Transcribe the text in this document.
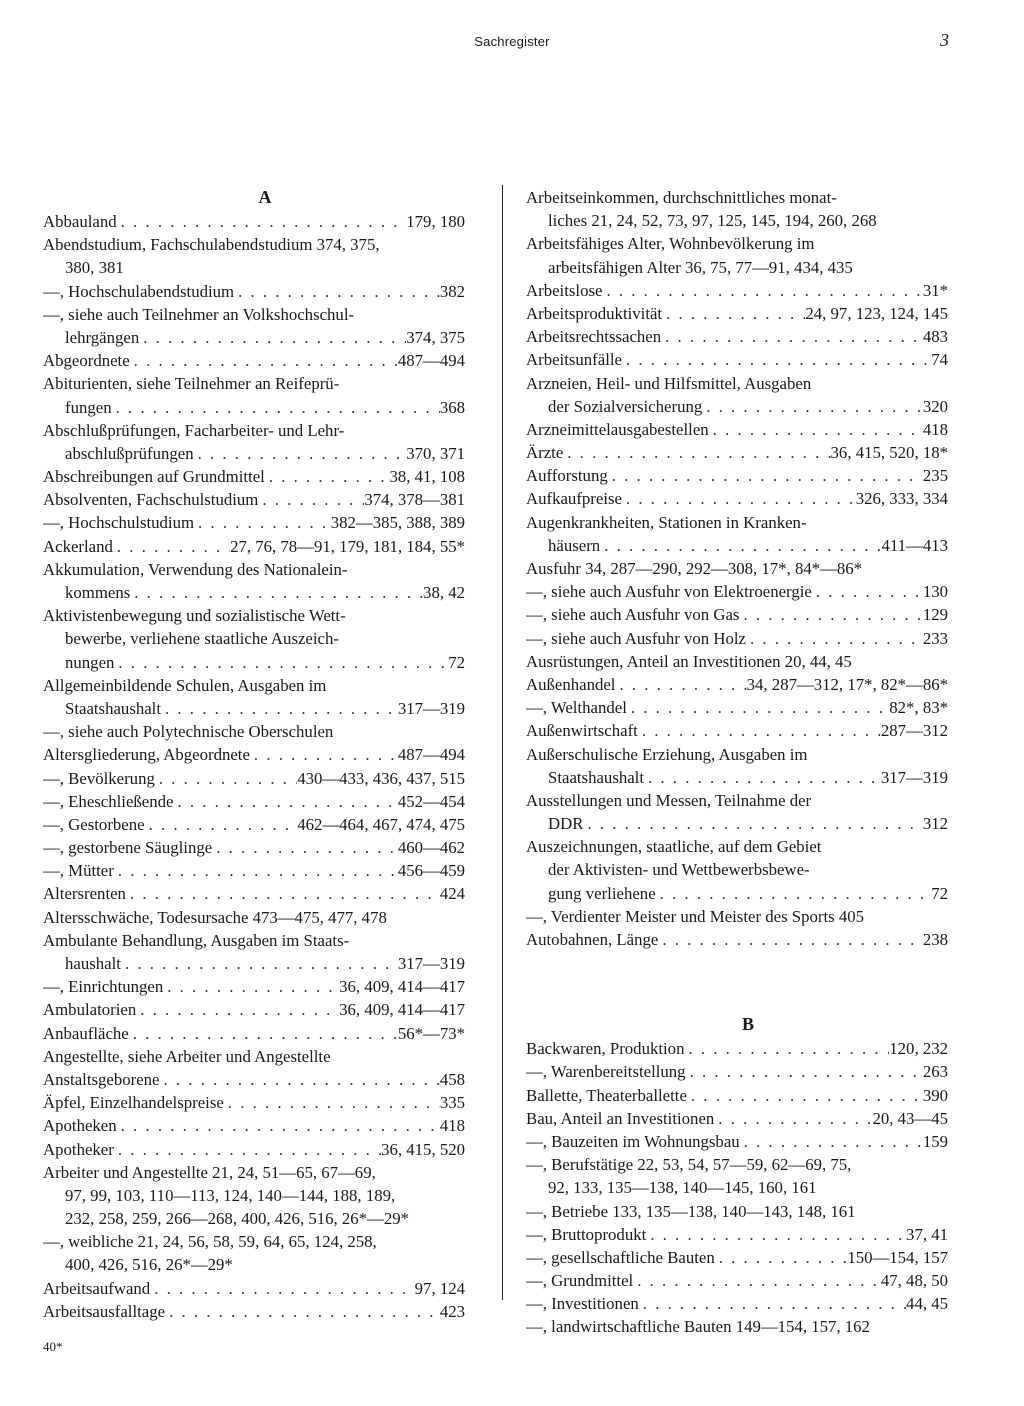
Sachregister	3
A
Abbauland . . .	179, 180
Abendstudium, Fachschulabendstudium 374, 375,
380, 381
—, Hochschulabendstudium . . .	382
—, siehe auch Teilnehmer an Volkshochschul-
lehrgängen . . .	374, 375
Abgeordnete . . .	487—494
Abiturienten, siehe Teilnehmer an Reifeprü-
fungen . . .	368
Abschlußprüfungen, Facharbeiter- und Lehr-
abschlußprüfungen . . .	370, 371
Abschreibungen auf Grundmittel . . .	38, 41, 108
Absolventen, Fachschulstudium . . .	374, 378—381
—, Hochschulstudium . . .	382—385, 388, 389
Ackerland . . .	27, 76, 78—91, 179, 181, 184, 55*
Akkumulation, Verwendung des Nationalein-
kommens . . .	38, 42
Aktivistenbewegung und sozialistische Wett-
bewerbe, verliehene staatliche Auszeich-
nungen . . .	72
Allgemeinbildende Schulen, Ausgaben im
Staatshaushalt . . .	317—319
—, siehe auch Polytechnische Oberschulen
Altersgliederung, Abgeordnete . . .	487—494
—, Bevölkerung . . .	430—433, 436, 437, 515
—, Eheschließende . . .	452—454
—, Gestorbene . . .	462—464, 467, 474, 475
—, gestorbene Säuglinge . . .	460—462
—, Mütter . . .	456—459
Altersrenten . . .	424
Altersschwäche, Todesursache 473—475, 477, 478
Ambulante Behandlung, Ausgaben im Staats-
haushalt . . .	317—319
—, Einrichtungen . . .	36, 409, 414—417
Ambulatorien . . .	36, 409, 414—417
Anbaufläche . . .	56*—73*
Angestellte, siehe Arbeiter und Angestellte
Anstaltsgeborene . . .	458
Äpfel, Einzelhandelspreise . . .	335
Apotheken . . .	418
Apotheker . . .	36, 415, 520
Arbeiter und Angestellte 21, 24, 51—65, 67—69,
97, 99, 103, 110—113, 124, 140—144, 188, 189,
232, 258, 259, 266—268, 400, 426, 516, 26*—29*
—, weibliche 21, 24, 56, 58, 59, 64, 65, 124, 258,
400, 426, 516, 26*—29*
Arbeitsaufwand . . .	97, 124
Arbeitsausfalltage . . .	423
Arbeitseinkommen, durchschnittliches monat-
liches 21, 24, 52, 73, 97, 125, 145, 194, 260, 268
Arbeitsfähiges Alter, Wohnbevölkerung im
arbeitsfähigen Alter 36, 75, 77—91, 434, 435
Arbeitslose . . .	31*
Arbeitsproduktivität . . .	24, 97, 123, 124, 145
Arbeitsrechtssachen . . .	483
Arbeitsunfälle . . .	74
Arzneien, Heil- und Hilfsmittel, Ausgaben
der Sozialversicherung . . .	320
Arzneimittelausgabestellen . . .	418
Ärzte . . .	36, 415, 520, 18*
Aufforstung . . .	235
Aufkaufpreise . . .	326, 333, 334
Augenkrankheiten, Stationen in Kranken-
häusern . . .	411—413
Ausfuhr 34, 287—290, 292—308, 17*, 84*—86*
—, siehe auch Ausfuhr von Elektroenergie . . .	130
—, siehe auch Ausfuhr von Gas . . .	129
—, siehe auch Ausfuhr von Holz . . .	233
Ausrüstungen, Anteil an Investitionen 20, 44, 45
Außenhandel . . .	34, 287—312, 17*, 82*—86*
—, Welthandel . . .	82*, 83*
Außenwirtschaft . . .	287—312
Außerschulische Erziehung, Ausgaben im
Staatshaushalt . . .	317—319
Ausstellungen und Messen, Teilnahme der
DDR . . .	312
Auszeichnungen, staatliche, auf dem Gebiet
der Aktivisten- und Wettbewerbsbewe-
gung verliehene . . .	72
—, Verdienter Meister und Meister des Sports 405
Autobahnen, Länge . . .	238
B
Backwaren, Produktion . . .	120, 232
—, Warenbereitstellung . . .	263
Ballette, Theaterballette . . .	390
Bau, Anteil an Investitionen . . .	20, 43—45
—, Bauzeiten im Wohnungsbau . . .	159
—, Berufstätige 22, 53, 54, 57—59, 62—69, 75,
92, 133, 135—138, 140—145, 160, 161
—, Betriebe 133, 135—138, 140—143, 148, 161
—, Bruttoprodukt . . .	37, 41
—, gesellschaftliche Bauten . . .	150—154, 157
—, Grundmittel . . .	47, 48, 50
—, Investitionen . . .	44, 45
—, landwirtschaftliche Bauten 149—154, 157, 162
40*
